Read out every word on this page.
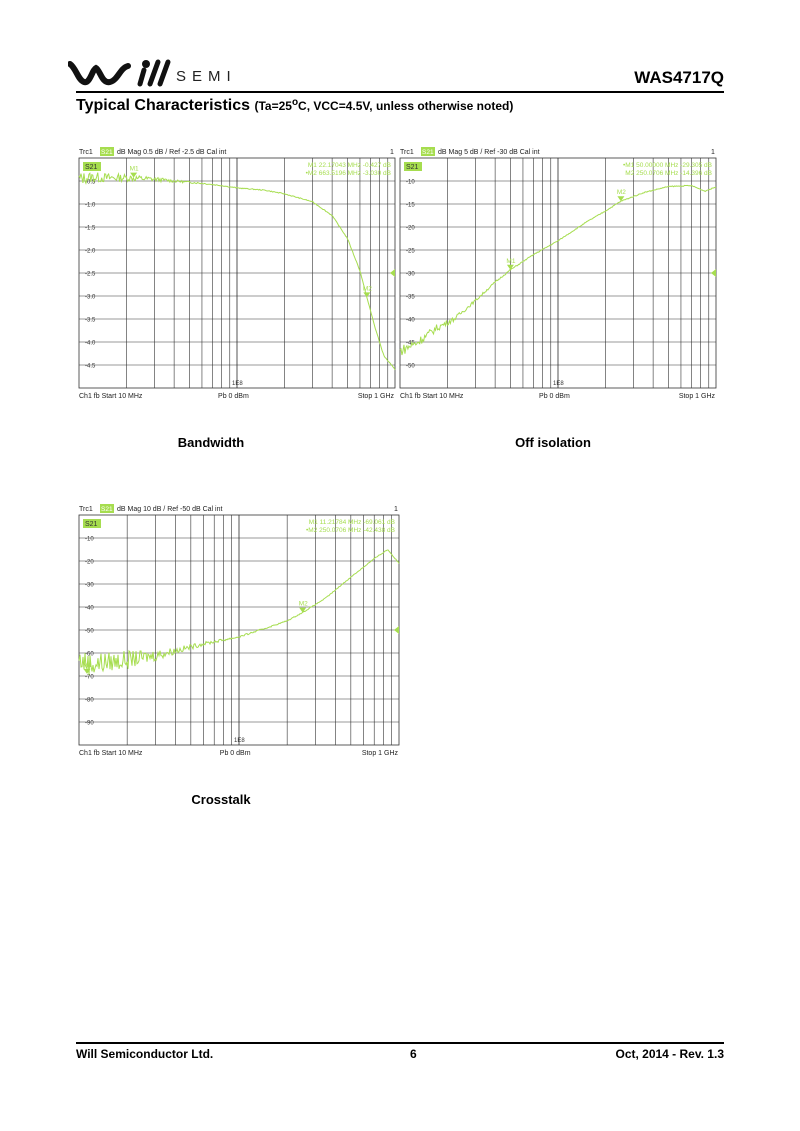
SEMI	WAS4717Q
Typical Characteristics ($Ta=25^oC$, VCC=4.5V, unless otherwise noted)
Trc1 S21 dB Mag 0.5 dB / Ref -2.5 dB Cal int	1
-0.5
-1.0
-1.5
-2.0
-2.5
-3.0
-3.5
-4.0
-4.5
1E8
S21	M1 22.17043 MHz -0.427 dB
•M2 663.5196 MHz -3.030 dB
M1
M2
Ch1 fb Start 10 MHz	Pb 0 dBm	Stop 1 GHz
Bandwidth
Trc1 S21 dB Mag 5 dB / Ref -30 dB Cal int	1
-10
-15
-20
-25
-30
-35
-40
-45
-50
1E8
S21	•M1 50.00000 MHz -29.305 dB
M2 250.0706 MHz -14.396 dB
M1
M2
Ch1 fb Start 10 MHz	Pb 0 dBm	Stop 1 GHz
Off isolation
Trc1 S21 dB Mag 10 dB / Ref -50 dB Cal int	1
-10
-20
-30
-40
-50
-60
-70
-80
-90
1E8
S21	M1 11.21784 MHz -69.061 dB
•M2 250.0706 MHz -42.438 dB
M1
M2
Ch1 fb Start 10 MHz	Pb 0 dBm	Stop 1 GHz
Crosstalk
Will Semiconductor Ltd.	6	Oct, 2014 - Rev. 1.3
